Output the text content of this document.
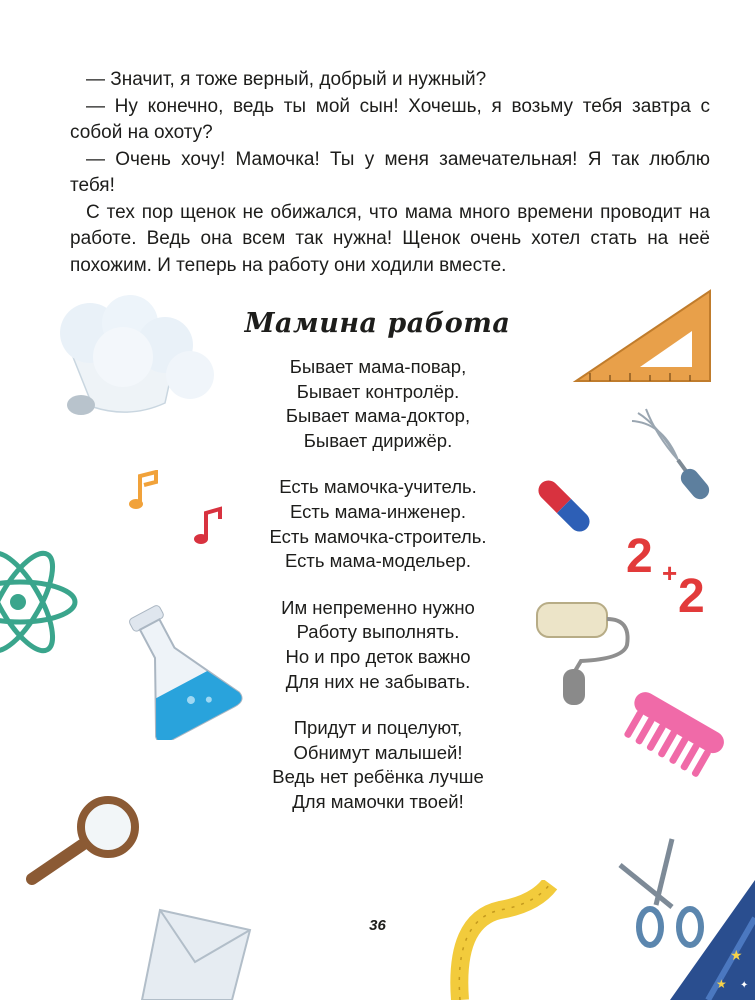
— Значит, я тоже верный, добрый и нужный?

— Ну конечно, ведь ты мой сын! Хочешь, я возьму тебя завтра с собой на охоту?

— Очень хочу! Мамочка! Ты у меня замечательная! Я так люблю тебя!

С тех пор щенок не обижался, что мама много времени проводит на работе. Ведь она всем так нужна! Щенок очень хотел стать на неё похожим. И теперь на работу они ходили вместе.

Мамина работа
Бывает мама-повар,
Бывает контролёр.
Бывает мама-доктор,
Бывает дирижёр.
Есть мамочка-учитель.
Есть мама-инженер.
Есть мамочка-строитель.
Есть мама-модельер.
Им непременно нужно
Работу выполнять.
Но и про деток важно
Для них не забывать.
Придут и поцелуют,
Обнимут малышей!
Ведь нет ребёнка лучше
Для мамочки твоей!
36
2 + 2
★
★ ✦
